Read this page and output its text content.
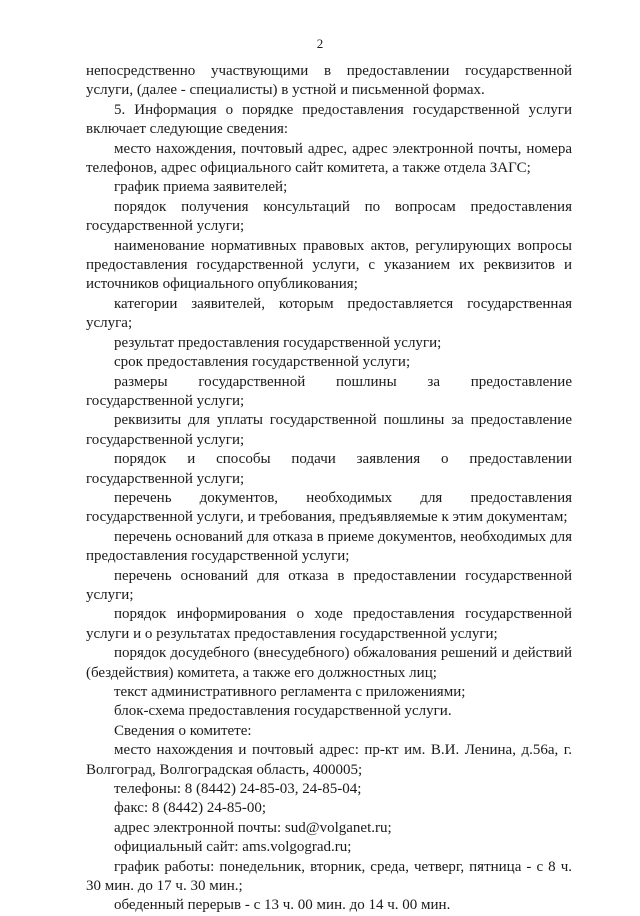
2

непосредственно участвующими в предоставлении государственной услуги, (далее - специалисты) в устной и письменной формах.

5. Информация о порядке предоставления государственной услуги включает следующие сведения:

место нахождения, почтовый адрес, адрес электронной почты, номера телефонов, адрес официального сайт комитета, а также отдела ЗАГС;

график приема заявителей;

порядок получения консультаций по вопросам предоставления государственной услуги;

наименование нормативных правовых актов, регулирующих вопросы предоставления государственной услуги, с указанием их реквизитов и источников официального опубликования;

категории заявителей, которым предоставляется государственная услуга;

результат предоставления государственной услуги;

срок предоставления государственной услуги;

размеры государственной пошлины за предоставление государственной услуги;

реквизиты для уплаты государственной пошлины за предоставление государственной услуги;

порядок и способы подачи заявления о предоставлении государственной услуги;

перечень документов, необходимых для предоставления государственной услуги, и требования, предъявляемые к этим документам;

перечень оснований для отказа в приеме документов, необходимых для предоставления государственной услуги;

перечень оснований для отказа в предоставлении государственной услуги;

порядок информирования о ходе предоставления государственной услуги и о результатах предоставления государственной услуги;

порядок досудебного (внесудебного) обжалования решений и действий (бездействия) комитета, а также его должностных лиц;

текст административного регламента с приложениями;

блок-схема предоставления государственной услуги.

Сведения о комитете:

место нахождения и почтовый адрес: пр-кт им. В.И. Ленина, д.56а, г. Волгоград, Волгоградская область, 400005;

телефоны: 8 (8442) 24-85-03, 24-85-04;

факс: 8 (8442) 24-85-00;

адрес электронной почты: sud@volganet.ru;

официальный сайт: ams.volgograd.ru;

график работы: понедельник, вторник, среда, четверг, пятница - с 8 ч. 30 мин. до 17 ч. 30 мин.;

обеденный перерыв - с 13 ч. 00 мин. до 14 ч. 00 мин.
